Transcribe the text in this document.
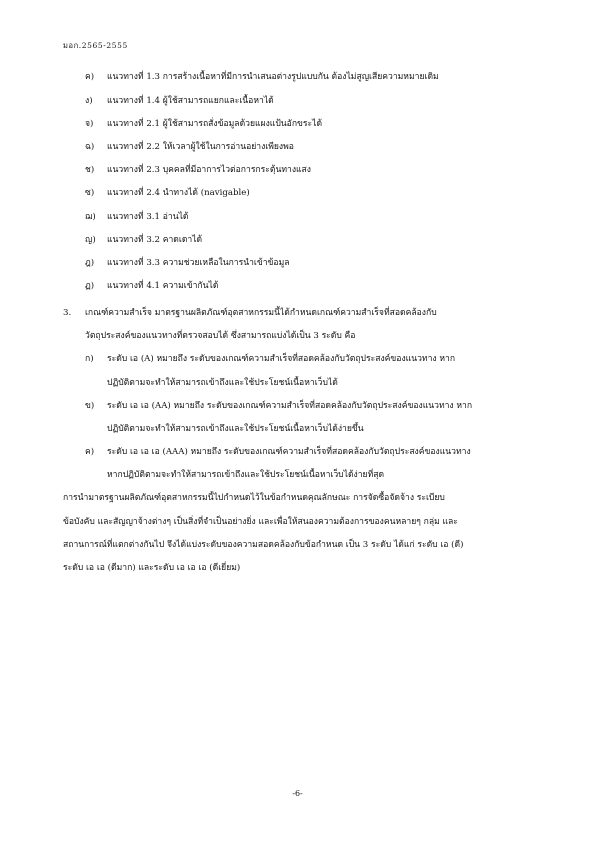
มอก.2565-2555
ค) แนวทางที่ 1.3 การสร้างเนื้อหาที่มีการนำเสนอต่างรูปแบบกัน ต้องไม่สูญเสียความหมายเดิม
ง) แนวทางที่ 1.4 ผู้ใช้สามารถแยกและเนื้อหาได้
จ) แนวทางที่ 2.1 ผู้ใช้สามารถสั่งข้อมูลด้วยแผงแป้นอักขระได้
ฉ) แนวทางที่ 2.2 ให้เวลาผู้ใช้ในการอ่านอย่างเพียงพอ
ช) แนวทางที่ 2.3 บุคคลที่มีอาการไวต่อการกระตุ้นทางแสง
ซ) แนวทางที่ 2.4 นำทางได้ (navigable)
ฌ) แนวทางที่ 3.1 อ่านได้
ญ) แนวทางที่ 3.2 คาดเดาได้
ฎ) แนวทางที่ 3.3 ความช่วยเหลือในการนำเข้าข้อมูล
ฏ) แนวทางที่ 4.1 ความเข้ากันได้
3. เกณฑ์ความสำเร็จ มาตรฐานผลิตภัณฑ์อุตสาหกรรมนี้ได้กำหนดเกณฑ์ความสำเร็จที่สอดคล้องกับ
วัตถุประสงค์ของแนวทางที่ตรวจสอบได้ ซึ่งสามารถแบ่งได้เป็น 3 ระดับ คือ
ก) ระดับ เอ (A) หมายถึง ระดับของเกณฑ์ความสำเร็จที่สอดคล้องกับวัตถุประสงค์ของแนวทาง หาก
ปฏิบัติตามจะทำให้สามารถเข้าถึงและใช้ประโยชน์เนื้อหาเว็บได้
ข) ระดับ เอ เอ (AA) หมายถึง ระดับของเกณฑ์ความสำเร็จที่สอดคล้องกับวัตถุประสงค์ของแนวทาง หาก
ปฏิบัติตามจะทำให้สามารถเข้าถึงและใช้ประโยชน์เนื้อหาเว็บได้ง่ายขึ้น
ค) ระดับ เอ เอ เอ (AAA) หมายถึง ระดับของเกณฑ์ความสำเร็จที่สอดคล้องกับวัตถุประสงค์ของแนวทาง
หากปฏิบัติตามจะทำให้สามารถเข้าถึงและใช้ประโยชน์เนื้อหาเว็บได้ง่ายที่สุด
การนำมาตรฐานผลิตภัณฑ์อุตสาหกรรมนี้ไปกำหนดไว้ในข้อกำหนดคุณลักษณะ การจัดซื้อจัดจ้าง ระเบียบ
ข้อบังคับ และสัญญาจ้างต่างๆ เป็นสิ่งที่จำเป็นอย่างยิ่ง และเพื่อให้สนองความต้องการของคนหลายๆ กลุ่ม และ
สถานการณ์ที่แตกต่างกันไป จึงได้แบ่งระดับของความสอดคล้องกับข้อกำหนด เป็น 3 ระดับ ได้แก่ ระดับ เอ (ดี)
ระดับ เอ เอ (ดีมาก) และระดับ เอ เอ เอ (ดีเยี่ยม)
-6-
